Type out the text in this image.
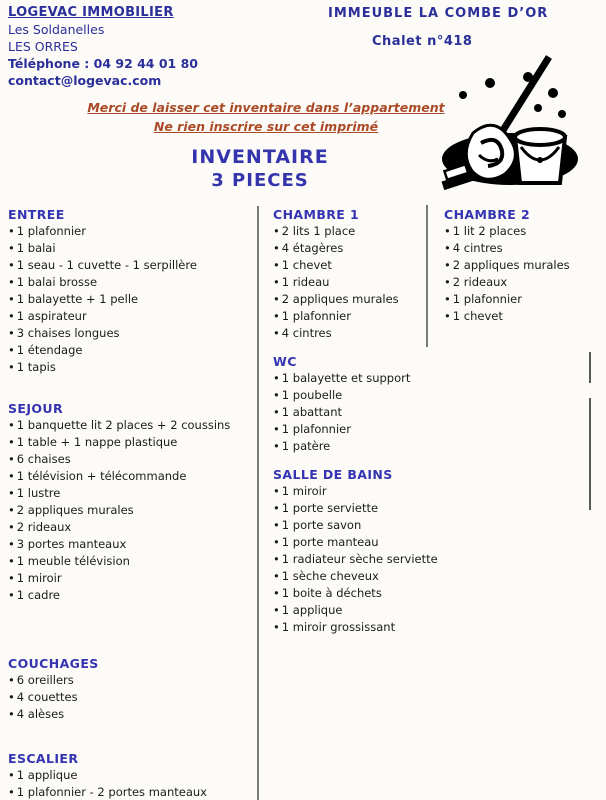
LOGEVAC IMMOBILIER
Les Soldanelles
LES ORRES
Téléphone : 04 92 44 01 80
contact@logevac.com
IMMEUBLE LA COMBE D’OR
Chalet n°418
Merci de laisser cet inventaire dans l’appartement
Ne rien inscrire sur cet imprimé
INVENTAIRE
3 PIECES
ENTREE
• 1 plafonnier
• 1 balai
• 1 seau - 1 cuvette - 1 serpillère
• 1 balai brosse
• 1 balayette + 1 pelle
• 1 aspirateur
• 3 chaises longues
• 1 étendage
• 1 tapis
SEJOUR
• 1 banquette lit 2 places + 2 coussins
• 1 table + 1 nappe plastique
• 6 chaises
• 1 télévision + télécommande
• 1 lustre
• 2 appliques murales
• 2 rideaux
• 3 portes manteaux
• 1 meuble télévision
• 1 miroir
• 1 cadre
COUCHAGES
• 6 oreillers
• 4 couettes
• 4 alèses
ESCALIER
• 1 applique
• 1 plafonnier - 2 portes manteaux
CHAMBRE 1
• 2 lits 1 place
• 4 étagères
• 1 chevet
• 1 rideau
• 2 appliques murales
• 1 plafonnier
• 4 cintres
WC
• 1 balayette et support
• 1 poubelle
• 1 abattant
• 1 plafonnier
• 1 patère
SALLE DE BAINS
• 1 miroir
• 1 porte serviette
• 1 porte savon
• 1 porte manteau
• 1 radiateur sèche serviette
• 1 sèche cheveux
• 1 boite à déchets
• 1 applique
• 1 miroir grossissant
CHAMBRE 2
• 1 lit 2 places
• 4 cintres
• 2 appliques murales
• 2 rideaux
• 1 plafonnier
• 1 chevet
